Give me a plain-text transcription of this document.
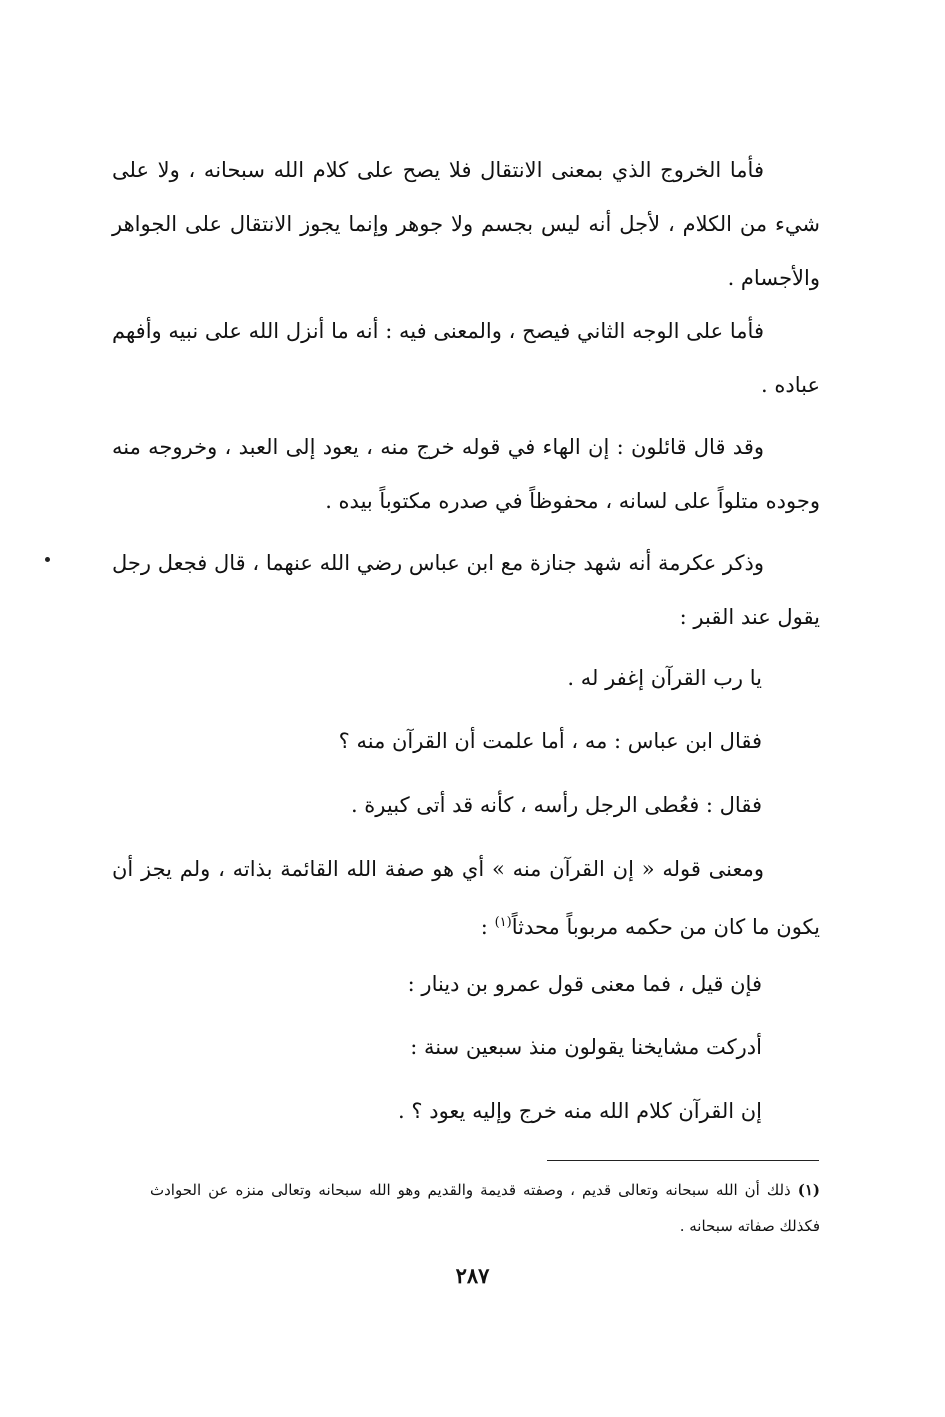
فأما الخروج الذي بمعنى الانتقال فلا يصح على كلام الله سبحانه ، ولا على شيء من الكلام ، لأجل أنه ليس بجسم ولا جوهر وإنما يجوز الانتقال على الجواهر والأجسام .

فأما على الوجه الثاني فيصح ، والمعنى فيه : أنه ما أنزل الله على نبيه وأفهم عباده .

وقد قال قائلون : إن الهاء في قوله خرج منه ، يعود إلى العبد ، وخروجه منه وجوده متلواً على لسانه ، محفوظاً في صدره مكتوباً بيده .

وذكر عكرمة أنه شهد جنازة مع ابن عباس رضي الله عنهما ، قال فجعل رجل يقول عند القبر :

يا رب القرآن إغفر له .
فقال ابن عباس : مه ، أما علمت أن القرآن منه ؟
فقال : فعُطى الرجل رأسه ، كأنه قد أتى كبيرة .

ومعنى قوله « إن القرآن منه » أي هو صفة الله القائمة بذاته ، ولم يجز أن يكون ما كان من حكمه مربوباً محدثاً$^{(١)}$ :

فإن قيل ، فما معنى قول عمرو بن دينار :
أدركت مشايخنا يقولون منذ سبعين سنة :
إن القرآن كلام الله منه خرج وإليه يعود ؟ .
(١) ذلك أن الله سبحانه وتعالى قديم ، وصفته قديمة والقديم وهو الله سبحانه وتعالى منزه عن الحوادث فكذلك صفاته سبحانه .
٢٨٧
